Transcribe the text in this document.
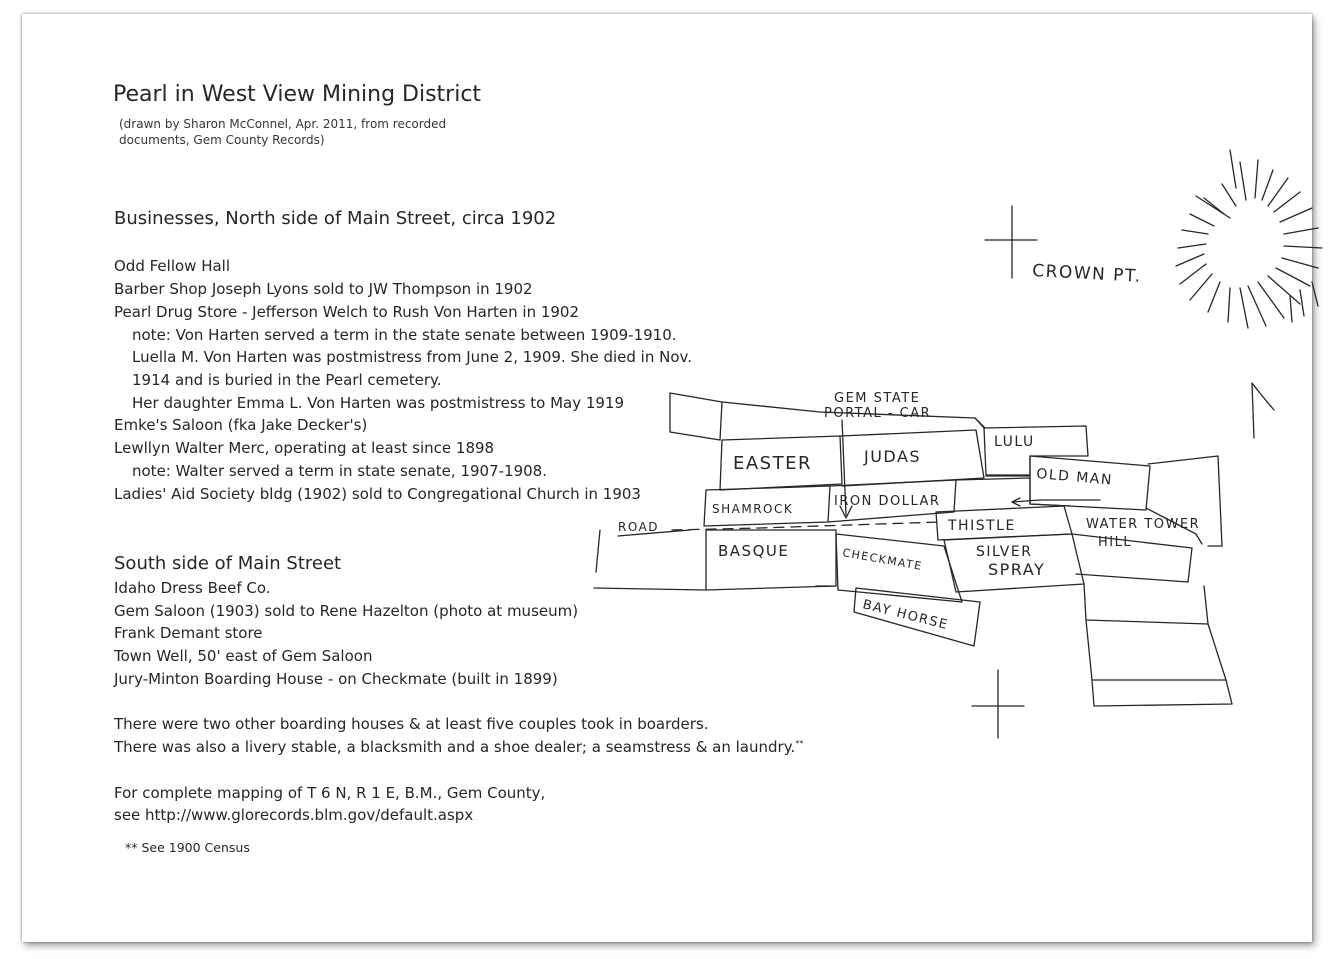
Pearl in West View Mining District
(drawn by Sharon McConnel, Apr. 2011, from recorded
documents, Gem County Records)
Businesses, North side of Main Street, circa 1902
Odd Fellow Hall
Barber Shop Joseph Lyons sold to JW Thompson in 1902
Pearl Drug Store - Jefferson Welch to Rush Von Harten in 1902
note: Von Harten served a term in the state senate between 1909-1910.
Luella M. Von Harten was postmistress from June 2, 1909. She died in Nov.
1914 and is buried in the Pearl cemetery.
Her daughter Emma L. Von Harten was postmistress to May 1919
Emke's Saloon (fka Jake Decker's)
Lewllyn Walter Merc, operating at least since 1898
note: Walter served a term in state senate, 1907-1908.
Ladies' Aid Society bldg (1902) sold to Congregational Church in 1903
South side of Main Street
Idaho Dress Beef Co.
Gem Saloon (1903) sold to Rene Hazelton (photo at museum)
Frank Demant store
Town Well, 50' east of Gem Saloon
Jury-Minton Boarding House - on Checkmate (built in 1899)
There were two other boarding houses & at least five couples took in boarders.
There was also a livery stable, a blacksmith and a shoe dealer; a seamstress & an laundry.**
For complete mapping of T 6 N, R 1 E, B.M., Gem County,
see http://www.glorecords.blm.gov/default.aspx
** See 1900 Census
CROWN PT.
GEM STATE
PORTAL - CAR
LULU
EASTER	JUDAS
OLD MAN
SHAMROCK	IRON DOLLAR
ROAD	THISTLE	WATER TOWER
HILL
SILVER
SPRAY
BASQUE	CHECKMATE
BAY HORSE
